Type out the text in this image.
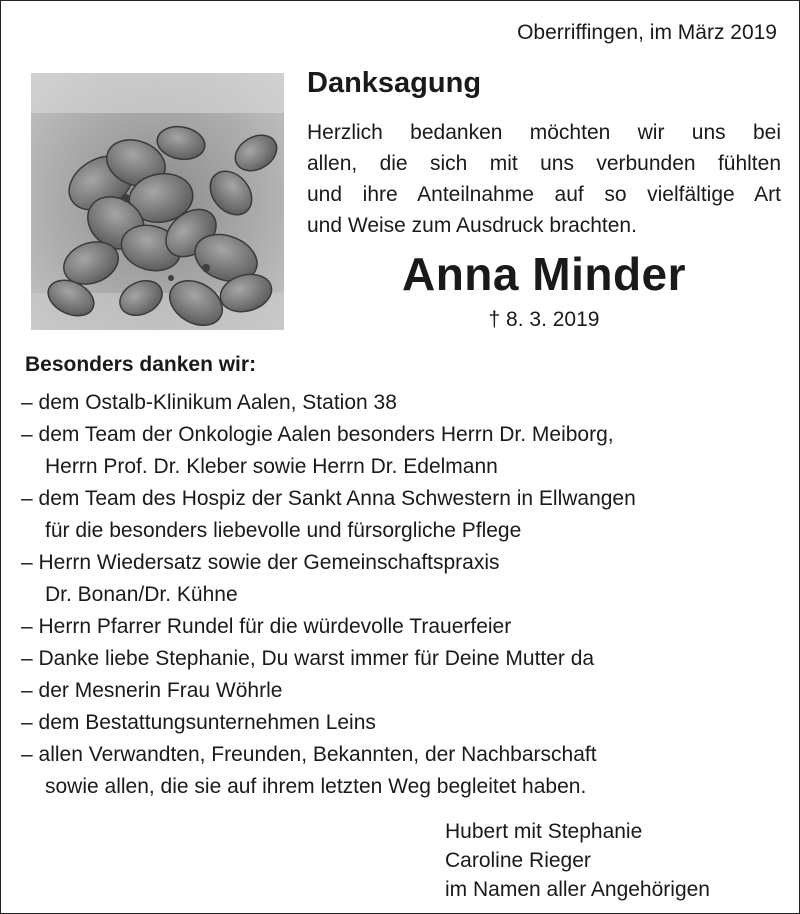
Oberriffingen, im März 2019
Danksagung
Herzlich bedanken möchten wir uns bei
allen, die sich mit uns verbunden fühlten
und ihre Anteilnahme auf so vielfältige Art
und Weise zum Ausdruck brachten.
Anna Minder
† 8. 3. 2019
Besonders danken wir:
– dem Ostalb-Klinikum Aalen, Station 38
– dem Team der Onkologie Aalen besonders Herrn Dr. Meiborg,
Herrn Prof. Dr. Kleber sowie Herrn Dr. Edelmann
– dem Team des Hospiz der Sankt Anna Schwestern in Ellwangen
für die besonders liebevolle und fürsorgliche Pflege
– Herrn Wiedersatz sowie der Gemeinschaftspraxis
Dr. Bonan/Dr. Kühne
– Herrn Pfarrer Rundel für die würdevolle Trauerfeier
– Danke liebe Stephanie, Du warst immer für Deine Mutter da
– der Mesnerin Frau Wöhrle
– dem Bestattungsunternehmen Leins
– allen Verwandten, Freunden, Bekannten, der Nachbarschaft
sowie allen, die sie auf ihrem letzten Weg begleitet haben.
Hubert mit Stephanie
Caroline Rieger
im Namen aller Angehörigen
